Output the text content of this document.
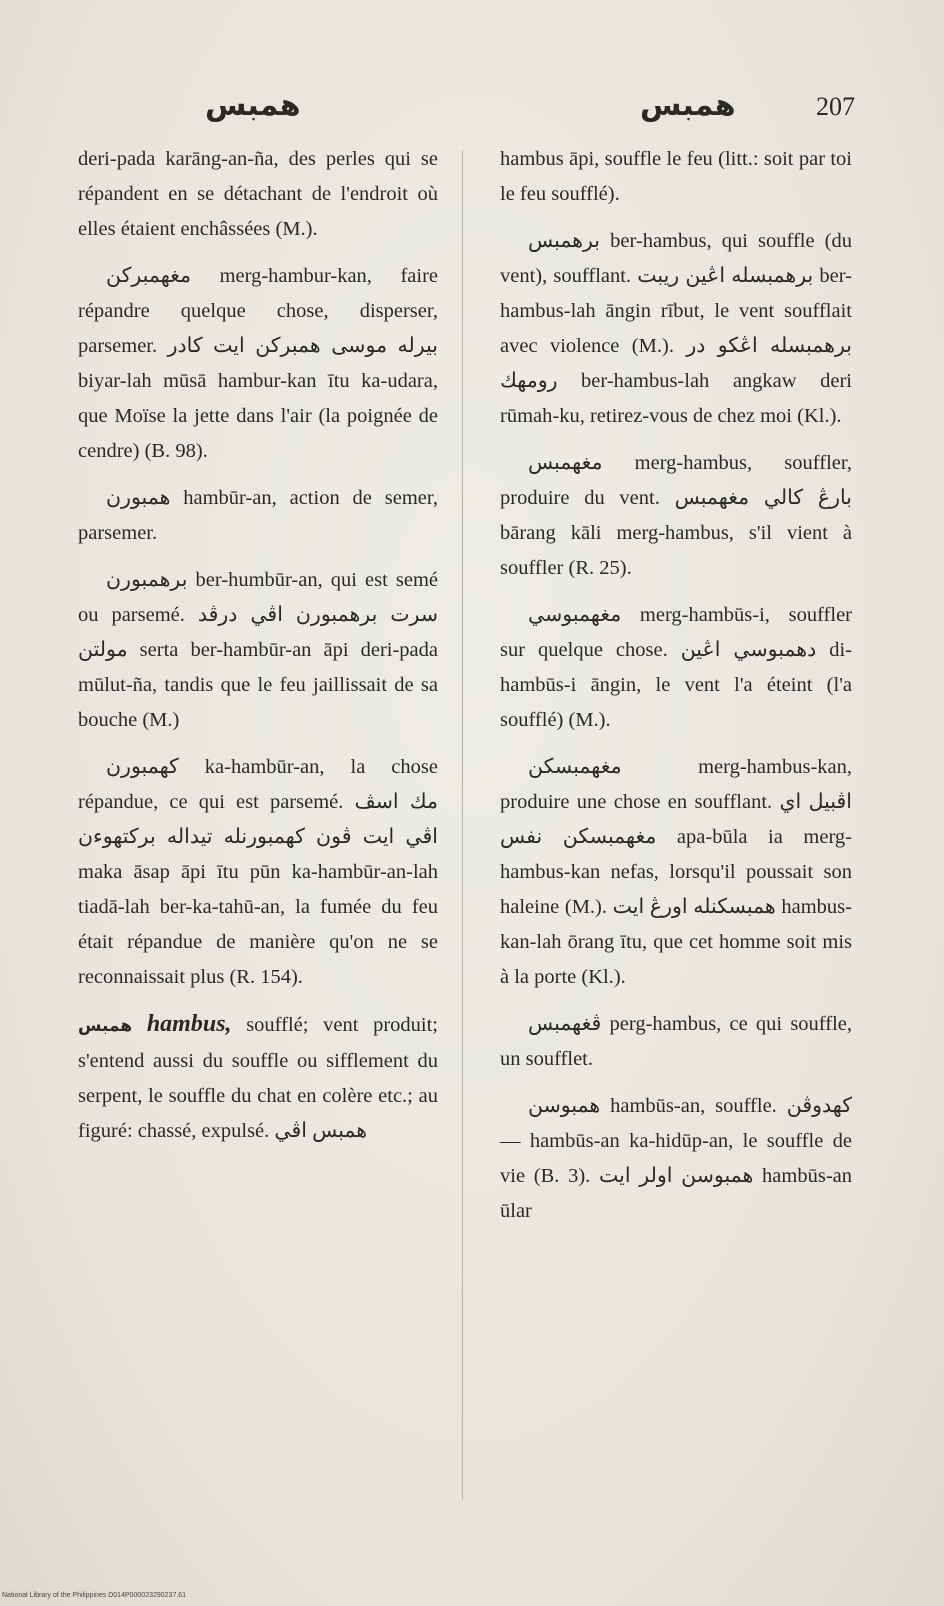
همبس	همبس	207

deri-pada karāng-an-ña, des perles qui se répandent en se détachant de l'endroit où elles étaient enchâssées (M.).

مغهمبرکن merg-hambur-kan, faire répandre quelque chose, disperser, parsemer. بيرله موسى همبرکن ايت کادر biyar-lah mūsā hambur-kan ītu ka-udara, que Moïse la jette dans l'air (la poignée de cendre) (B. 98).

همبورن hambūr-an, action de semer, parsemer.

برهمبورن ber-humbūr-an, qui est semé ou parsemé. سرت برهمبورن اڤي درڤد مولتن serta ber-hambūr-an āpi deri-pada mūlut-ña, tandis que le feu jaillissait de sa bouche (M.)

کهمبورن ka-hambūr-an, la chose répandue, ce qui est parsemé. مك اسڤ اڤي ايت ڤون کهمبورنله تيداله برکتهوءن maka āsap āpi ītu pūn ka-hambūr-an-lah tiadā-lah ber-ka-tahū-an, la fumée du feu était répandue de manière qu'on ne se reconnaissait plus (R. 154).

همبس hambus, soufflé; vent produit; s'entend aussi du souffle ou sifflement du serpent, le souffle du chat en colère etc.; au figuré: chassé, expulsé. همبس اڤي

hambus āpi, souffle le feu (litt.: soit par toi le feu soufflé).

برهمبس ber-hambus, qui souffle (du vent), soufflant. برهمبسله اڠين ريبت ber-hambus-lah āngin rībut, le vent soufflait avec violence (M.). برهمبسله اڠکو در رومهك ber-hambus-lah angkaw deri rūmah-ku, retirez-vous de chez moi (Kl.).

مغهمبس merg-hambus, souffler, produire du vent. بارڠ کالي مغهمبس bārang kāli merg-hambus, s'il vient à souffler (R. 25).

مغهمبوسي merg-hambūs-i, souffler sur quelque chose. دهمبوسي اڠين di-hambūs-i āngin, le vent l'a éteint (l'a soufflé) (M.).

مغهمبسکن merg-hambus-kan, produire une chose en soufflant. اڤبيل اي مغهمبسکن نفس apa-būla ia merg-hambus-kan nefas, lorsqu'il poussait son haleine (M.). همبسکنله اورڠ ايت hambus-kan-lah ōrang ītu, que cet homme soit mis à la porte (Kl.).

ڤغهمبس perg-hambus, ce qui souffle, un soufflet.

همبوسن hambūs-an, souffle. کهدوڤن — hambūs-an ka-hidūp-an, le souffle de vie (B. 3). همبوسن اولر ايت hambūs-an ūlar

National Library of the Philippines D014P000023290237.61
